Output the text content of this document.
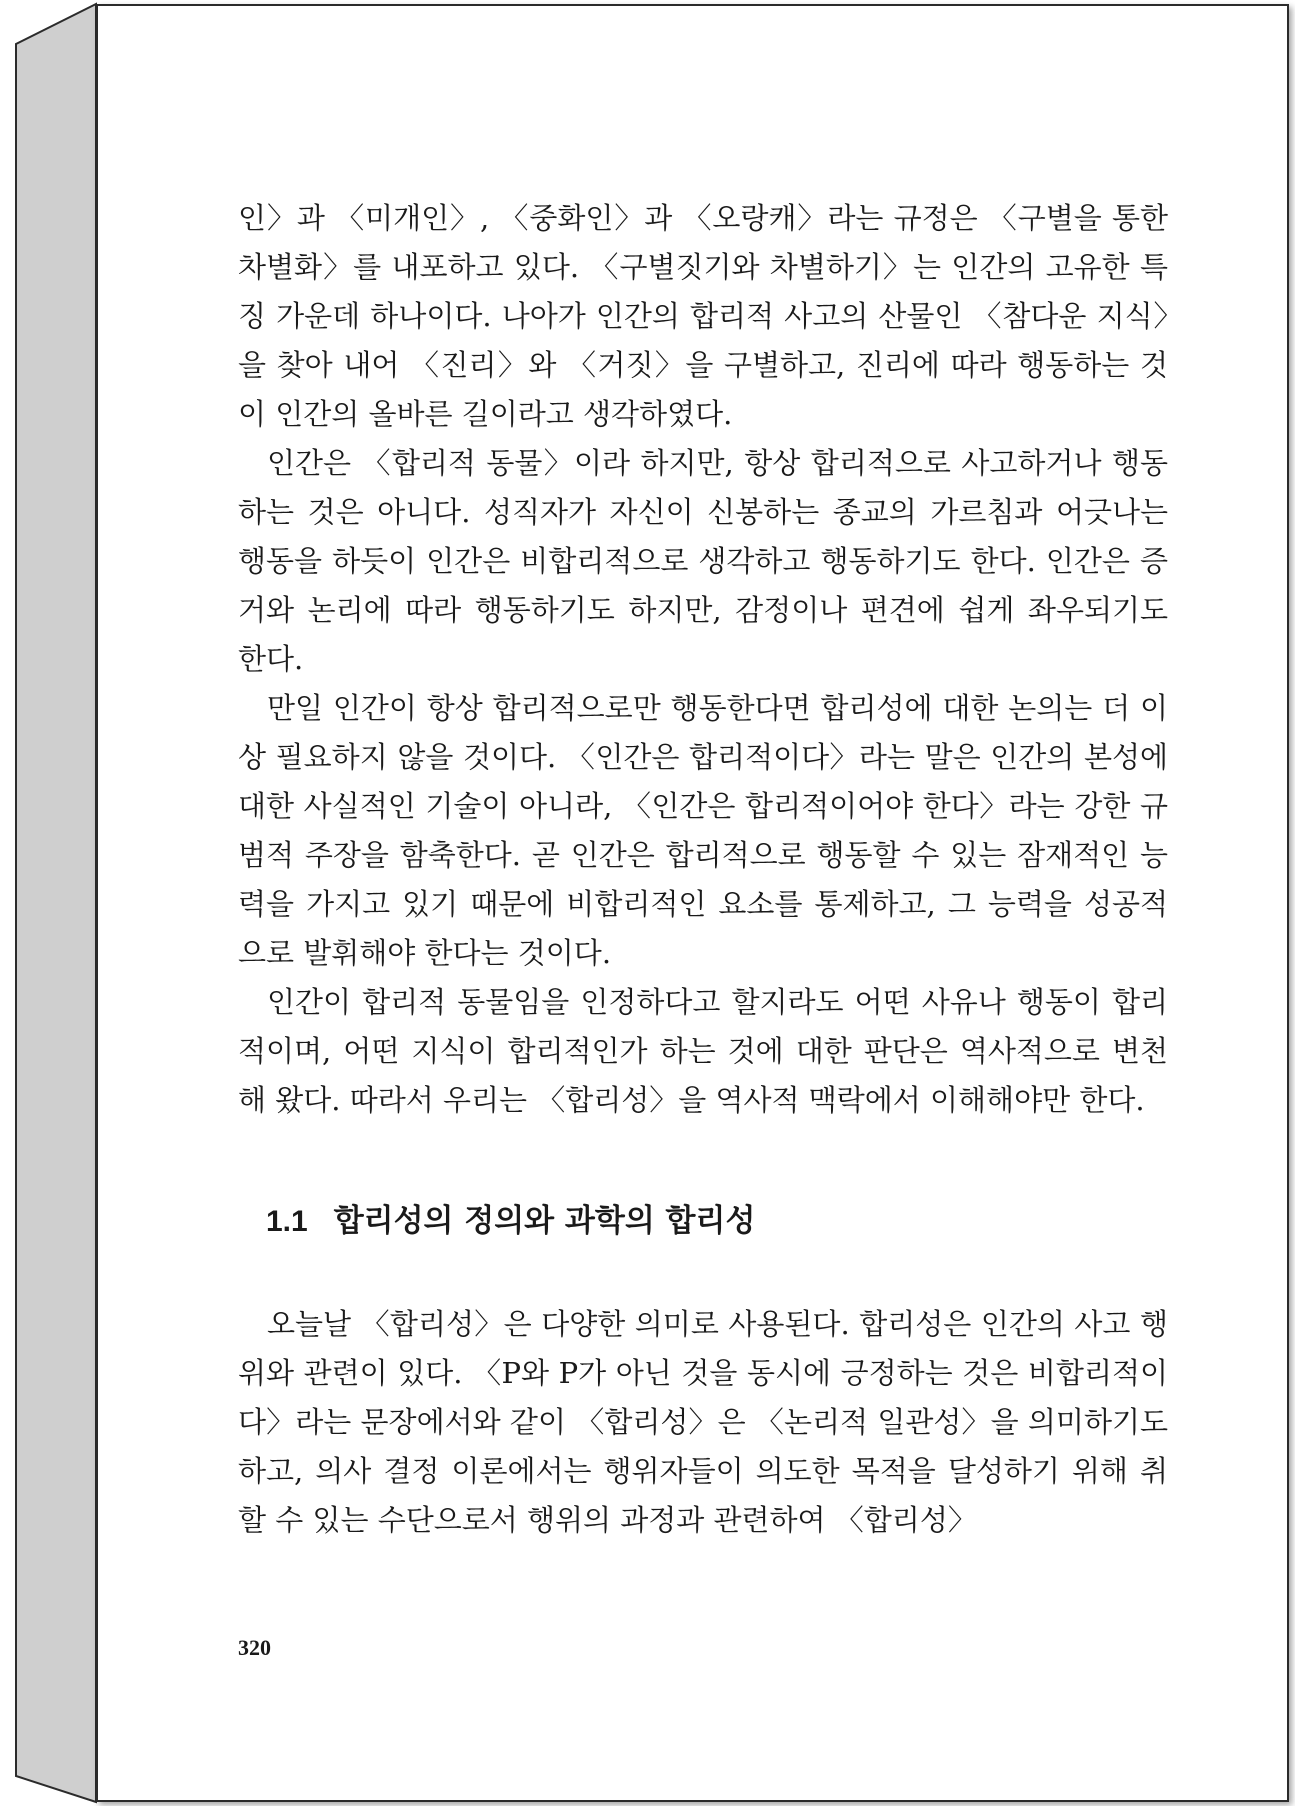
인〉과 〈미개인〉, 〈중화인〉과 〈오랑캐〉라는 규정은 〈구별을 통한 차별화〉를 내포하고 있다. 〈구별짓기와 차별하기〉는 인간의 고유한 특징 가운데 하나이다. 나아가 인간의 합리적 사고의 산물인 〈참다운 지식〉을 찾아 내어 〈진리〉와 〈거짓〉을 구별하고, 진리에 따라 행동하는 것이 인간의 올바른 길이라고 생각하였다.

인간은 〈합리적 동물〉이라 하지만, 항상 합리적으로 사고하거나 행동하는 것은 아니다. 성직자가 자신이 신봉하는 종교의 가르침과 어긋나는 행동을 하듯이 인간은 비합리적으로 생각하고 행동하기도 한다. 인간은 증거와 논리에 따라 행동하기도 하지만, 감정이나 편견에 쉽게 좌우되기도 한다.

만일 인간이 항상 합리적으로만 행동한다면 합리성에 대한 논의는 더 이상 필요하지 않을 것이다. 〈인간은 합리적이다〉라는 말은 인간의 본성에 대한 사실적인 기술이 아니라, 〈인간은 합리적이어야 한다〉라는 강한 규범적 주장을 함축한다. 곧 인간은 합리적으로 행동할 수 있는 잠재적인 능력을 가지고 있기 때문에 비합리적인 요소를 통제하고, 그 능력을 성공적으로 발휘해야 한다는 것이다.

인간이 합리적 동물임을 인정하다고 할지라도 어떤 사유나 행동이 합리적이며, 어떤 지식이 합리적인가 하는 것에 대한 판단은 역사적으로 변천해 왔다. 따라서 우리는 〈합리성〉을 역사적 맥락에서 이해해야만 한다.

1.1 합리성의 정의와 과학의 합리성

오늘날 〈합리성〉은 다양한 의미로 사용된다. 합리성은 인간의 사고 행위와 관련이 있다. 〈P와 P가 아닌 것을 동시에 긍정하는 것은 비합리적이다〉라는 문장에서와 같이 〈합리성〉은 〈논리적 일관성〉을 의미하기도 하고, 의사 결정 이론에서는 행위자들이 의도한 목적을 달성하기 위해 취할 수 있는 수단으로서 행위의 과정과 관련하여 〈합리성〉

320
